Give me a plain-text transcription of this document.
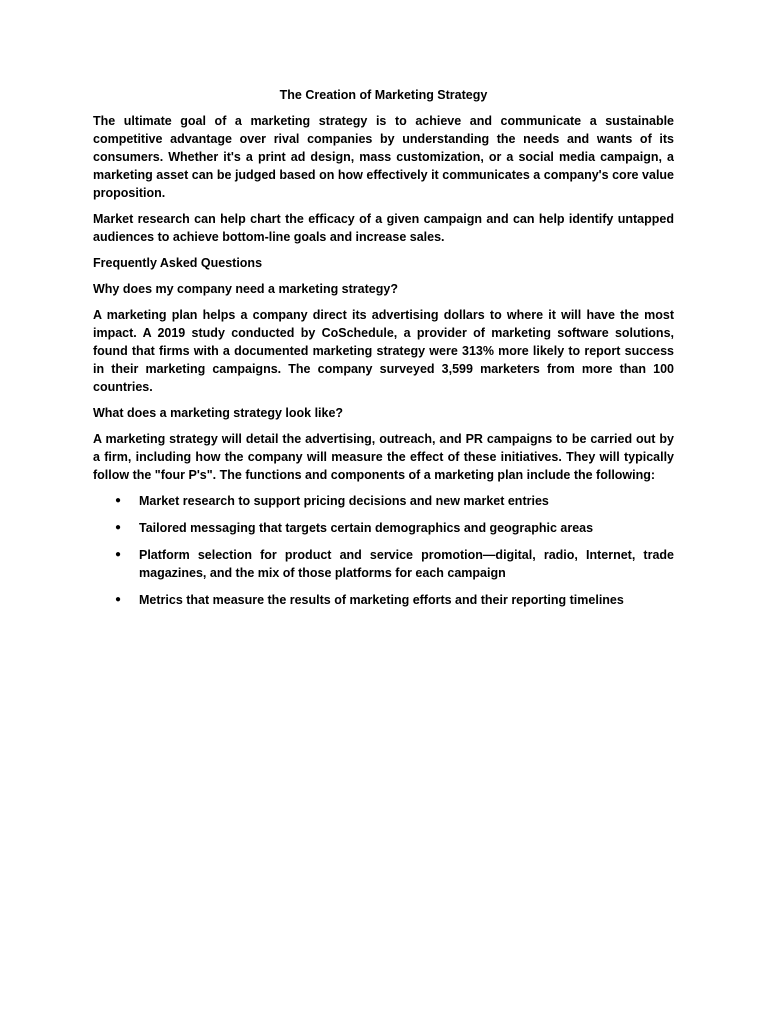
The Creation of Marketing Strategy

The ultimate goal of a marketing strategy is to achieve and communicate a sustainable competitive advantage over rival companies by understanding the needs and wants of its consumers. Whether it's a print ad design, mass customization, or a social media campaign, a marketing asset can be judged based on how effectively it communicates a company's core value proposition.

Market research can help chart the efficacy of a given campaign and can help identify untapped audiences to achieve bottom-line goals and increase sales.

Frequently Asked Questions
Why does my company need a marketing strategy?

A marketing plan helps a company direct its advertising dollars to where it will have the most impact. A 2019 study conducted by CoSchedule, a provider of marketing software solutions, found that firms with a documented marketing strategy were 313% more likely to report success in their marketing campaigns. The company surveyed 3,599 marketers from more than 100 countries.

What does a marketing strategy look like?

A marketing strategy will detail the advertising, outreach, and PR campaigns to be carried out by a firm, including how the company will measure the effect of these initiatives. They will typically follow the "four P's". The functions and components of a marketing plan include the following:

● Market research to support pricing decisions and new market entries
● Tailored messaging that targets certain demographics and geographic areas
● Platform selection for product and service promotion—digital, radio, Internet, trade magazines, and the mix of those platforms for each campaign
● Metrics that measure the results of marketing efforts and their reporting timelines
